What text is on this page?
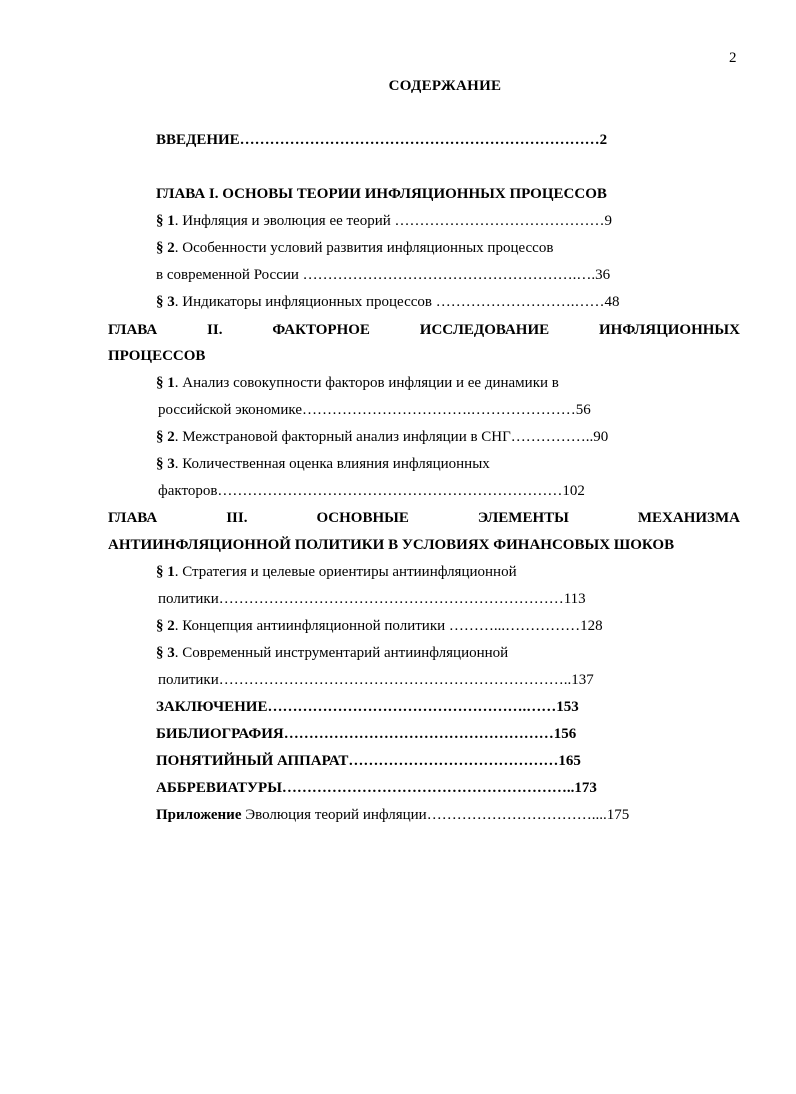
2
СОДЕРЖАНИЕ
ВВЕДЕНИЕ………………………………………………………………2
ГЛАВА I. ОСНОВЫ ТЕОРИИ ИНФЛЯЦИОННЫХ ПРОЦЕССОВ
§ 1. Инфляция и эволюция ее теорий ……………………………………9
§ 2. Особенности условий развития инфляционных процессов
в современной России ……………………………………………….….36
§ 3. Индикаторы инфляционных процессов ……………………….……48
ГЛАВА	II.	ФАКТОРНОЕ	ИССЛЕДОВАНИЕ	ИНФЛЯЦИОННЫХ
ПРОЦЕССОВ
§ 1. Анализ совокупности факторов инфляции и ее динамики в
российской экономике…………………………….…………………56
§ 2. Межстрановой факторный анализ инфляции в СНГ……………..90
§ 3. Количественная оценка влияния инфляционных
факторов……………………………………………………………102
ГЛАВА	III.	ОСНОВНЫЕ	ЭЛЕМЕНТЫ	МЕХАНИЗМА
АНТИИНФЛЯЦИОННОЙ ПОЛИТИКИ В УСЛОВИЯХ ФИНАНСОВЫХ ШОКОВ
§ 1. Стратегия и целевые ориентиры антиинфляционной
политики……………………………………………………………113
§ 2. Концепция антиинфляционной политики ………...……………128
§ 3. Современный инструментарий антиинфляционной
политики……………………………………………………………..137
ЗАКЛЮЧЕНИЕ…………………………………………….……153
БИБЛИОГРАФИЯ………………………………………………156
ПОНЯТИЙНЫЙ АППАРАТ……………………………………165
АББРЕВИАТУРЫ…………………………………………………..173
Приложение Эволюция теорий инфляции……………………………....175
